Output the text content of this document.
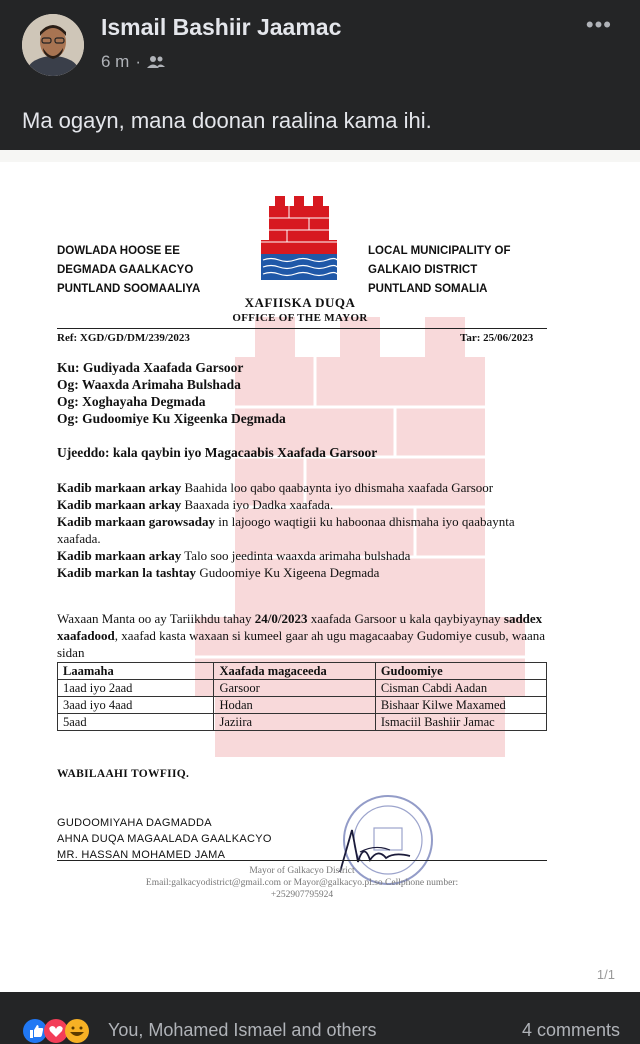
Ismail Bashiir Jaamac
6 m ·
•••
Ma ogayn, mana doonan raalina kama ihi.
DOWLADA HOOSE EE
DEGMADA GAALKACYO
PUNTLAND SOOMAALIYA
LOCAL MUNICIPALITY OF
GALKAIO DISTRICT
PUNTLAND SOMALIA
XAFIISKA DUQA
OFFICE OF THE MAYOR
Ref: XGD/GD/DM/239/2023	Tar: 25/06/2023
Ku: Gudiyada Xaafada Garsoor
Og: Waaxda Arimaha Bulshada
Og: Xoghayaha Degmada
Og: Gudoomiye Ku Xigeenka Degmada
Ujeeddo: kala qaybin iyo Magacaabis Xaafada Garsoor
Kadib markaan arkay Baahida loo qabo qaabaynta iyo dhismaha xaafada Garsoor
Kadib markaan arkay Baaxada iyo Dadka xaafada.
Kadib markaan garowsaday in lajoogo waqtigii ku haboonaa dhismaha iyo qaabaynta xaafada.
Kadib markaan arkay Talo soo jeedinta waaxda arimaha bulshada
Kadib markan la tashtay Gudoomiye Ku Xigeena Degmada
Waxaan Manta oo ay Tariikhdu tahay 24/0/2023 xaafada Garsoor u kala qaybiyaynay saddex xaafadood, xaafad kasta waxaan si kumeel gaar ah ugu magacaabay Gudomiye cusub, waana sidan
Laamaha	Xaafada magaceeda	Gudoomiye
1aad iyo 2aad	Garsoor	Cisman Cabdi Aadan
3aad iyo 4aad	Hodan	Bishaar Kilwe Maxamed
5aad	Jaziira	Ismaciil Bashiir Jamac
WABILAAHI TOWFIIQ.
GUDOOMIYAHA DAGMADDA
AHNA DUQA MAGAALADA GAALKACYO
MR. HASSAN MOHAMED JAMA
Mayor of Galkacyo District
Email:galkacyodistrict@gmail.com or Mayor@galkacyo.pl.so Cellphone number:
+252907795924
1/1
You, Mohamed Ismael and others	4 comments
